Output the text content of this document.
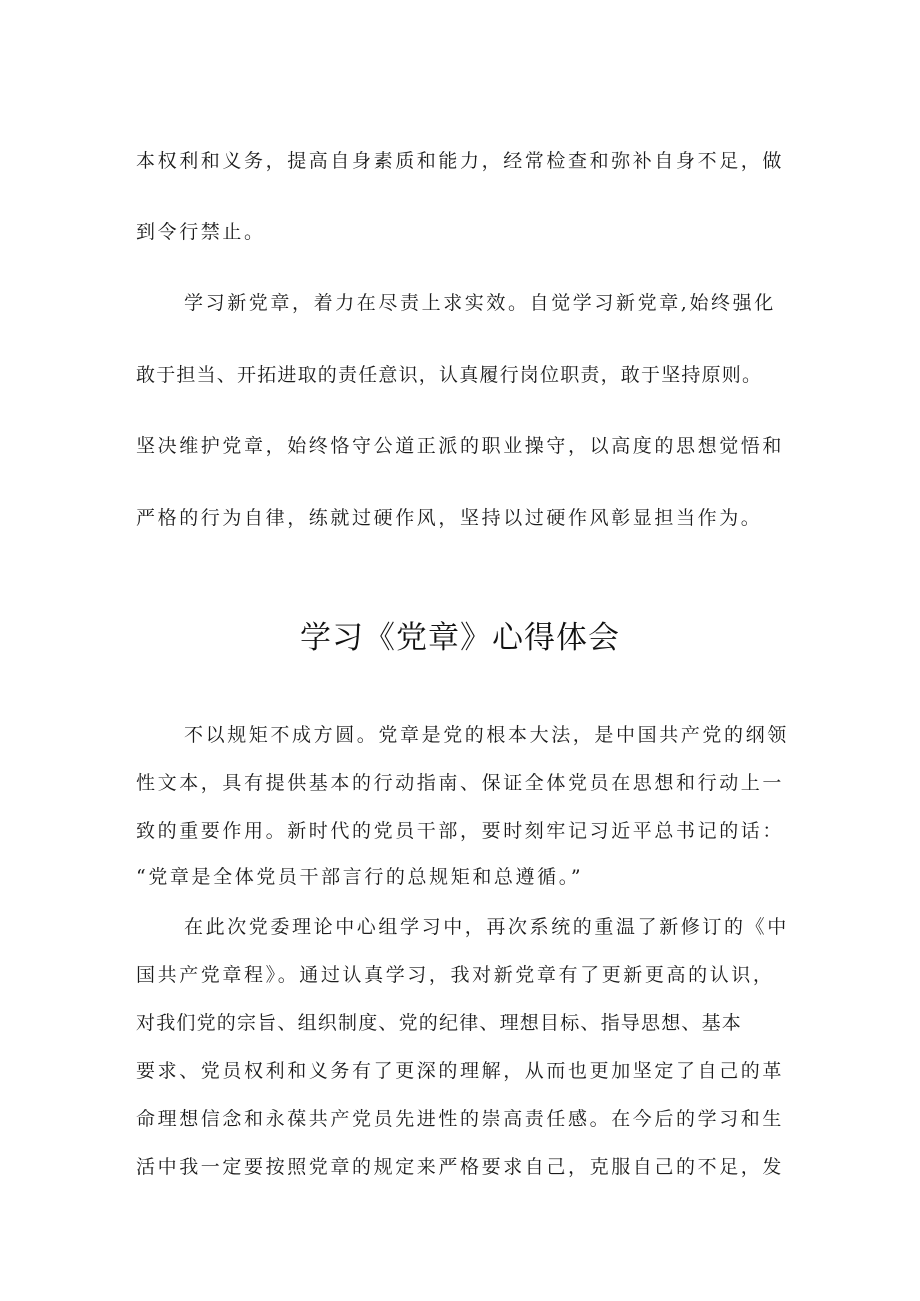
本权利和义务，提高自身素质和能力，经常检查和弥补自身不足，做
到令行禁止。
学习新党章，着力在尽责上求实效。自觉学习新党章,始终强化
敢于担当、开拓进取的责任意识，认真履行岗位职责，敢于坚持原则。
坚决维护党章，始终恪守公道正派的职业操守，以高度的思想觉悟和
严格的行为自律，练就过硬作风，坚持以过硬作风彰显担当作为。
学习《党章》心得体会
不以规矩不成方圆。党章是党的根本大法，是中国共产党的纲领
性文本，具有提供基本的行动指南、保证全体党员在思想和行动上一
致的重要作用。新时代的党员干部，要时刻牢记习近平总书记的话：
“党章是全体党员干部言行的总规矩和总遵循。”
在此次党委理论中心组学习中，再次系统的重温了新修订的《中
国共产党章程》。通过认真学习，我对新党章有了更新更高的认识，
对我们党的宗旨、组织制度、党的纪律、理想目标、指导思想、基本
要求、党员权利和义务有了更深的理解，从而也更加坚定了自己的革
命理想信念和永葆共产党员先进性的崇高责任感。在今后的学习和生
活中我一定要按照党章的规定来严格要求自己，克服自己的不足，发
